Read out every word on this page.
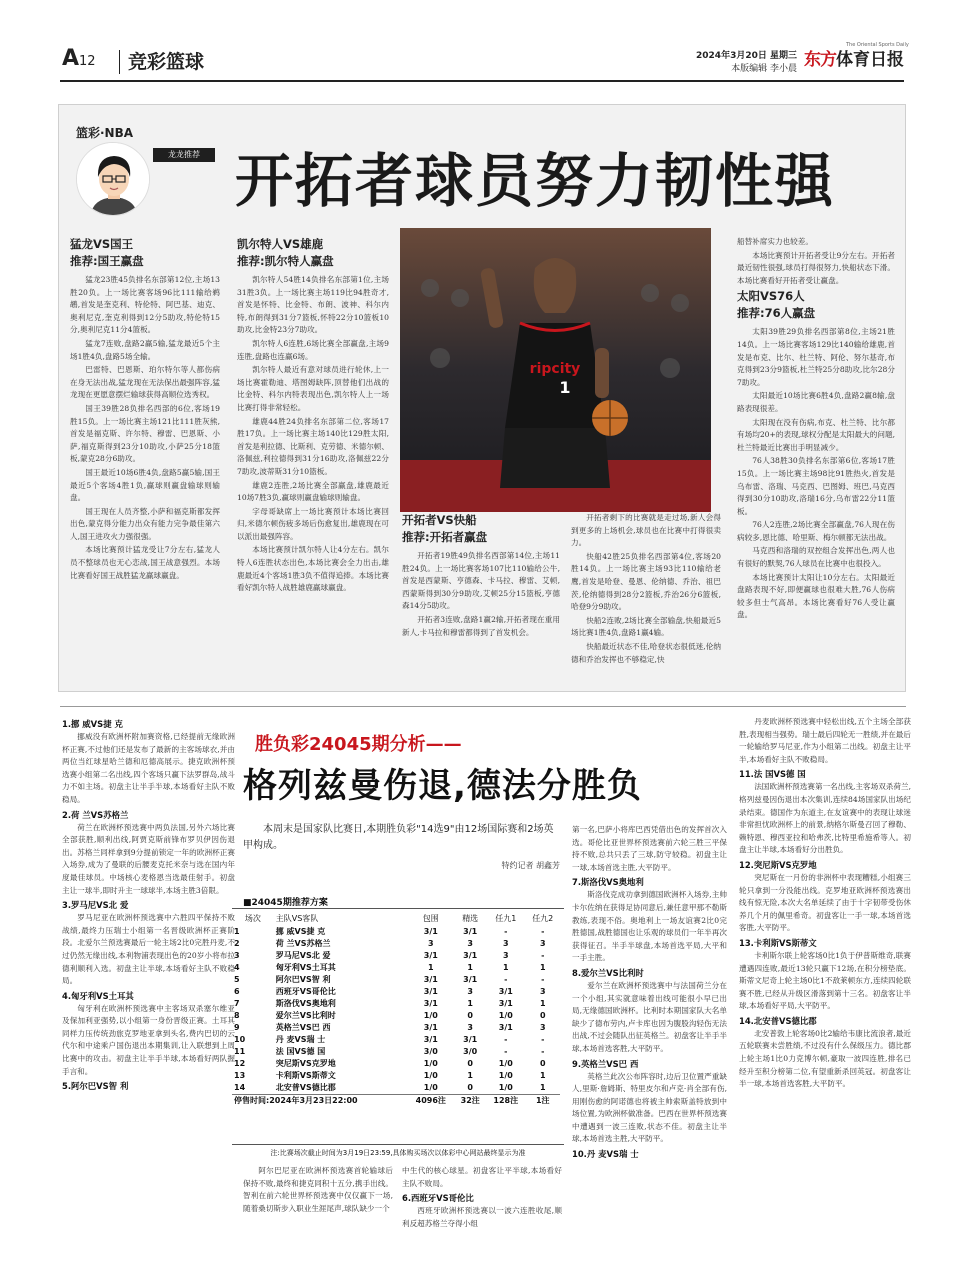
A12 竞彩篮球	2024年3月20日 星期三
本版编辑 李小晨
The Oriental Sports Daily
东方体育日报
篮彩·NBA
龙龙推荐 开拓者球员努力韧性强
猛龙VS国王
推荐:国王赢盘

猛龙23胜45负排名东部第12位,主场13胜20负。上一场比赛客场96比111输给鹈鹕,首发是奎克利、特伦特、阿巴基、迪克、奥利尼克,奎克利得到12分5助攻,特伦特15分,奥利尼克11分4篮板。

猛龙7连败,盘路2赢5输,猛龙最近5个主场1胜4负,盘路5场全输。

巴雷特、巴恩斯、珀尔特尔等人都伤病在身无法出战,猛龙现在无法保出最强阵容,猛龙现在更愿意摆烂输球获得高顺位选秀权。

国王39胜28负排名西部的6位,客场19胜15负。上一场比赛主场121比111胜灰熊,首发是福克斯、许尔特、穆雷、巴恩斯、小萨,福克斯得到23分10助攻,小萨25分18篮板,蒙克28分6助攻。

国王最近10场6胜4负,盘路5赢5输,国王最近5个客场4胜1负,赢球则赢盘输球则输盘。

国王现在人员齐整,小萨和福克斯都发挥出色,蒙克得分能力出众有能力完争最佳第六人,国王进攻火力强很强。

本场比赛预计猛龙受让7分左右,猛龙人员不整球员也无心恋战,国王战意强烈。本场比赛看好国王战胜猛龙赢球赢盘。

凯尔特人VS雄鹿
推荐:凯尔特人赢盘

凯尔特人54胜14负排名东部第1位,主场31胜3负。上一场比赛主场119比94胜奇才,首发是怀特、比金特、布朗、波神、科尔内特,布朗得到31分7篮板,怀特22分10篮板10助攻,比金特23分7助攻。

凯尔特人6连胜,6场比赛全部赢盘,主场9连胜,盘路也连赢6场。

凯尔特人最近有意对球员进行轮休,上一场比赛霍勒迪、塔图姆缺阵,顶替他们出战的比金特、科尔内特表现出色,凯尔特人上一场比赛打得非常轻松。

雄鹿44胜24负排名东部第二位,客场17胜17负。上一场比赛主场140比129胜太阳,首发是利拉德、比斯利、克劳德、米德尔顿、洛佩兹,利拉德得到31分16助攻,洛佩兹22分7助攻,波蒂斯31分10篮板。

雄鹿2连胜,2场比赛全部赢盘,雄鹿最近10场7胜3负,赢球则赢盘输球则输盘。

字母哥缺席上一场比赛预计本场比赛回归,米德尔顿伤疲多场后伤愈复出,雄鹿现在可以派出最强阵容。

本场比赛预计凯尔特人让4分左右。凯尔特人6连胜状态出色,本场比赛会全力出击,雄鹿最近4个客场1胜3负不值得追捧。本场比赛看好凯尔特人战胜雄鹿赢球赢盘。

ripcity
1
开拓者VS快船
推荐:开拓者赢盘

开拓者19胜49负排名西部第14位,主场11胜24负。上一场比赛客场107比110输给公牛,首发是西蒙斯、亨德森、卡马拉、穆雷、艾顿,西蒙斯得到30分9助攻,艾顿25分15篮板,亨德森14分5助攻。

开拓者3连败,盘路1赢2输,开拓者现在重用新人,卡马拉和穆雷都得到了首发机会。

开拓者剩下的比赛就是走过场,新人会得到更多的上场机会,球员也在比赛中打得很卖力。

快船42胜25负排名西部第4位,客场20胜14负。上一场比赛主场93比110输给老鹰,首发是哈登、曼恩、伦纳德、乔治、祖巴茨,伦纳德得到28分2篮板,乔治26分6篮板,哈登9分9助攻。

快船2连败,2场比赛全部输盘,快船最近5场比赛1胜4负,盘路1赢4输。

快船最近状态不佳,哈登状态很低迷,伦纳德和乔治发挥也不够稳定,快

船替补席实力也较差。

本场比赛预计开拓者受让9分左右。开拓者最近韧性很强,球员打得很努力,快船状态下滑。本场比赛看好开拓者受让赢盘。

太阳VS76人
推荐:76人赢盘

太阳39胜29负排名西部第8位,主场21胜14负。上一场比赛客场129比140输给雄鹿,首发是布克、比尔、杜兰特、阿伦、努尔基奇,布克得到23分9篮板,杜兰特25分8助攻,比尔28分7助攻。

太阳最近10场比赛6胜4负,盘路2赢8输,盘路表现很差。

太阳现在没有伤病,布克、杜兰特、比尔都有场均20+的表现,球权分配是太阳最大的问题,杜兰特最近比赛出手明显减少。

76人38胜30负排名东部第6位,客场17胜15负。上一场比赛主场98比91胜热火,首发是乌布雷、洛瑞、马克西、巴图姆、班巴,马克西得到30分10助攻,洛瑞16分,乌布雷22分11篮板。

76人2连胜,2场比赛全部赢盘,76人现在伤病较多,恩比德、哈里斯、梅尔顿都无法出战。

马克西和洛瑞的双控组合发挥出色,两人也有很好的默契,76人球员在比赛中也很投入。

本场比赛预计太阳让10分左右。太阳最近盘路表现不好,即便赢球也很难大胜,76人伤病较多但士气高昂。本场比赛看好76人受让赢盘。

1.挪 威VS捷 克

挪威没有欧洲杯附加赛资格,已经提前无缘欧洲杯正赛,不过他们还是发布了最新的主客场球衣,并由两位当红球星哈兰德和厄德高展示。捷克欧洲杯预选赛小组第二名出线,四个客场只赢下法罗群岛,战斗力不如主场。初盘主让半手半球,本场看好主队不败稳局。

2.荷 兰VS苏格兰

荷兰在欧洲杯预选赛中两负法国,另外六场比赛全部获胜,顺利出线,阿贾克斯前锋布罗贝伊因伤退出。苏格兰同样拿到9分提前锁定一年的欧洲杯正赛入场券,成为了曼联的后腰麦克托米奈与选在国内年度最佳球员。中场核心麦格恩当选最佳射手。初盘主让一球半,即时升主一球球半,本场主胜3倍限。

3.罗马尼VS北 爱

罗马尼亚在欧洲杯预选赛中六胜四平保持不败战绩,最终力压瑞士小组第一名晋级欧洲杯正赛阶段。北爱尔兰预选赛最后一轮主场2比0完胜丹麦,不过仍然无缘出线,本利物浦表现出色的20岁小将布拉德利顺利入选。初盘主让半球,本场看好主队不败稳局。

4.匈牙利VS土耳其

匈牙利在欧洲杯预选赛中主客场双杀塞尔维亚及保加利亚强势,以小组第一身份晋级正赛。土耳其同样力压传统劲旅克罗地亚拿到头名,费内巴切的云代尔和中途乘户国伤退出本期集训,让入联想到上周比赛中的攻击。初盘主让半手半球,本场看好两队握手言和。

5.阿尔巴VS智 利
胜负彩24045期分析——
格列兹曼伤退,德法分胜负
本周末是国家队比赛日,本期胜负彩"14选9"由12场国际赛和2场英甲构成。
特约记者 胡鑫芳
■24045期推荐方案
场次	主队VS客队	包围	精选	任九1	任九2
1	挪 威VS捷 克	3/1	3/1	-	-
2	荷 兰VS苏格兰	3	3	3	3
3	罗马尼VS北 爱	3/1	3/1	3	-
4	匈牙利VS土耳其	1	1	1	1
5	阿尔巴VS智 利	3/1	3/1	-	-
6	西班牙VS哥伦比	3/1	3	3/1	3
7	斯洛伐VS奥地利	3/1	1	3/1	1
8	爱尔兰VS比利时	1/0	0	1/0	0
9	英格兰VS巴 西	3/1	3	3/1	3
10	丹 麦VS瑞 士	3/1	3/1	-	-
11	法 国VS德 国	3/0	3/0	-	-
12	突尼斯VS克罗地	1/0	0	1/0	0
13	卡利斯VS斯蒂文	1/0	1	1/0	1
14	北安普VS德比郡	1/0	0	1/0	1
停售时间:2024年3月23日22:00		4096注	32注	128注	1注
注:比赛场次截止时间为3月19日23:59,具体购买场次以体彩中心网站最终显示为准

阿尔巴尼亚在欧洲杯预选赛首轮输球后保持不败,最终和捷克同积十五分,携手出线。智利在前六轮世界杯预选赛中仅仅赢下一场,随着桑切斯步入职业生涯尾声,球队缺少一个

中生代的核心球星。初盘客让平半球,本场看好主队不败局。

6.西班牙VS哥伦比

西班牙欧洲杯预选赛以一波六连胜收尾,顺利反超苏格兰夺得小组

第一名,巴萨小将库巴西凭借出色的发挥首次入选。哥伦比亚世界杯预选赛前六轮三胜三平保持不败,总共只丢了三球,防守较稳。初盘主让一球,本场首选主胜,大平防平。

7.斯洛伐VS奥地利

斯洛伐克成功拿到德国欧洲杯入场券,主帅卡尔佐纳在获得足协同意后,兼任意甲那不勒斯教练,表现不俗。奥地利上一场友谊赛2比0完胜德国,战胜德国也让乐观的球员们一年半再次获得征召。半手半球盘,本场首选平局,大平和一手主胜。

8.爱尔兰VS比利时

爱尔兰在欧洲杯预选赛中与法国荷兰分在一个小组,其实就意味着出线可能很小早已出局,无缘德国欧洲杯。比利时本期国家队大名单缺少了德布劳内,卢卡库也因为腹股沟轻伤无法出战,不过会随队出征英格兰。初盘客让半手半球,本场首选客胜,大平防平。

9.英格兰VS巴 西

英格兰此次公布阵容时,边后卫位置严重缺人,里斯·詹姆斯、特里皮尔和卢克·肖全部有伤,用刚伤愈的阿诺德也将被主帅索斯盖特放到中场位置,为欧洲杯做准备。巴西在世界杯预选赛中遭遇到一波三连败,状态不佳。初盘主让半球,本场首选主胜,大平防平。

10.丹 麦VS瑞 士

丹麦欧洲杯预选赛中轻松出线,五个主场全部获胜,表现相当强势。瑞士最后四轮无一胜绩,并在最后一轮输给罗马尼亚,作为小组第二出线。初盘主让平半,本场看好主队不败稳局。

11.法 国VS德 国

法国欧洲杯预选赛第一名出线,主客场双杀荷兰,格列兹曼因伤退出本次集训,连续84场国家队出场纪录结束。德国作为东道主,在友谊赛中的表现让球迷非常担忧欧洲杯上的前景,纳格尔斯曼召回了穆勒、赖特恩、穆西亚拉和哈弗茨,比特里希施希等人。初盘主让半球,本场看好分出胜负。

12.突尼斯VS克罗地

突尼斯在一月份的非洲杯中表现糟糕,小组赛三轮只拿到一分没能出线。克罗地亚欧洲杯预选赛出线有惊无险,本次大名单延续了由于十字韧带受伤休养几个月的佩里希奇。初盘客让一手一球,本场首选客胜,大平防平。

13.卡利斯VS斯蒂文

卡利斯尔联上轮客场0比1负于伊普斯维奇,联赛遭遇四连败,最近13轮只赢下12场,在积分榜垫底。斯蒂文尼奇上轮主场0比1不敌莱顿东方,连续四轮联赛不胜,已经从升级区滑落到第十三名。初盘客让半球,本场看好平局,大平防平。

14.北安普VS德比郡

北安普敦上轮客场0比2输给韦康比流浪者,最近五轮联赛未尝胜绩,不过没有什么保级压力。德比郡上轮主场1比0力克博尔顿,豪取一波四连胜,排名已经升至积分榜第二位,有望重新杀回英冠。初盘客让半一球,本场首选客胜,大平防平。
